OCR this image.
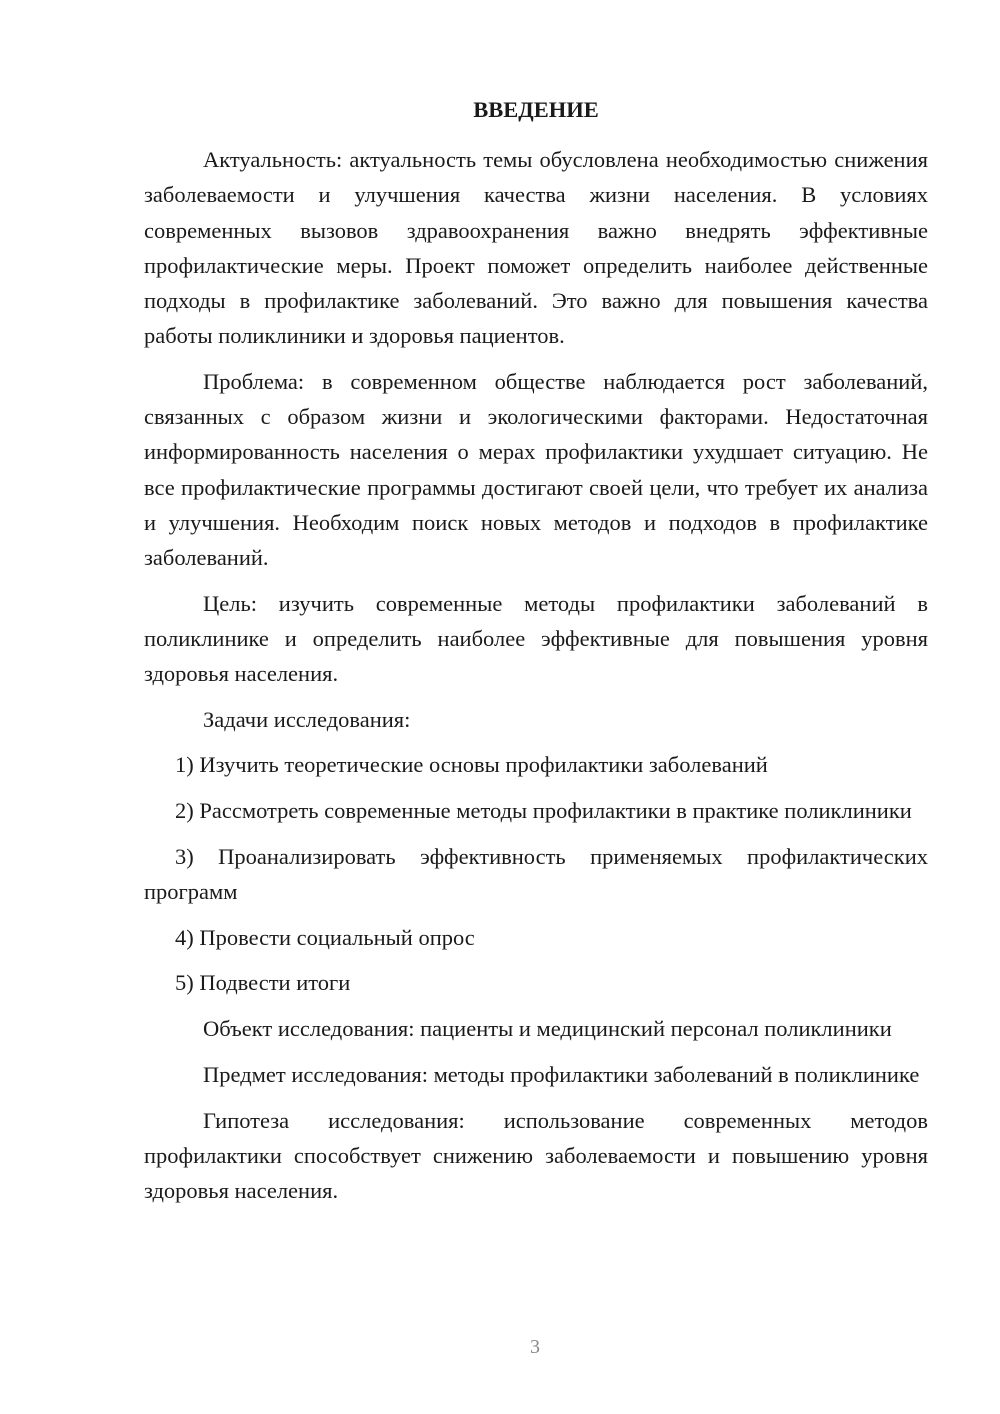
ВВЕДЕНИЕ

Актуальность: актуальность темы обусловлена необходимостью снижения заболеваемости и улучшения качества жизни населения. В условиях современных вызовов здравоохранения важно внедрять эффективные профилактические меры. Проект поможет определить наиболее действенные подходы в профилактике заболеваний. Это важно для повышения качества работы поликлиники и здоровья пациентов.

Проблема: в современном обществе наблюдается рост заболеваний, связанных с образом жизни и экологическими факторами. Недостаточная информированность населения о мерах профилактики ухудшает ситуацию. Не все профилактические программы достигают своей цели, что требует их анализа и улучшения. Необходим поиск новых методов и подходов в профилактике заболеваний.

Цель: изучить современные методы профилактики заболеваний в поликлинике и определить наиболее эффективные для повышения уровня здоровья населения.

Задачи исследования:

1) Изучить теоретические основы профилактики заболеваний

2) Рассмотреть современные методы профилактики в практике поликлиники

3) Проанализировать эффективность применяемых профилактических программ

4) Провести социальный опрос

5) Подвести итоги

Объект исследования: пациенты и медицинский персонал поликлиники

Предмет исследования: методы профилактики заболеваний в поликлинике

Гипотеза исследования: использование современных методов профилактики способствует снижению заболеваемости и повышению уровня здоровья населения.

3
